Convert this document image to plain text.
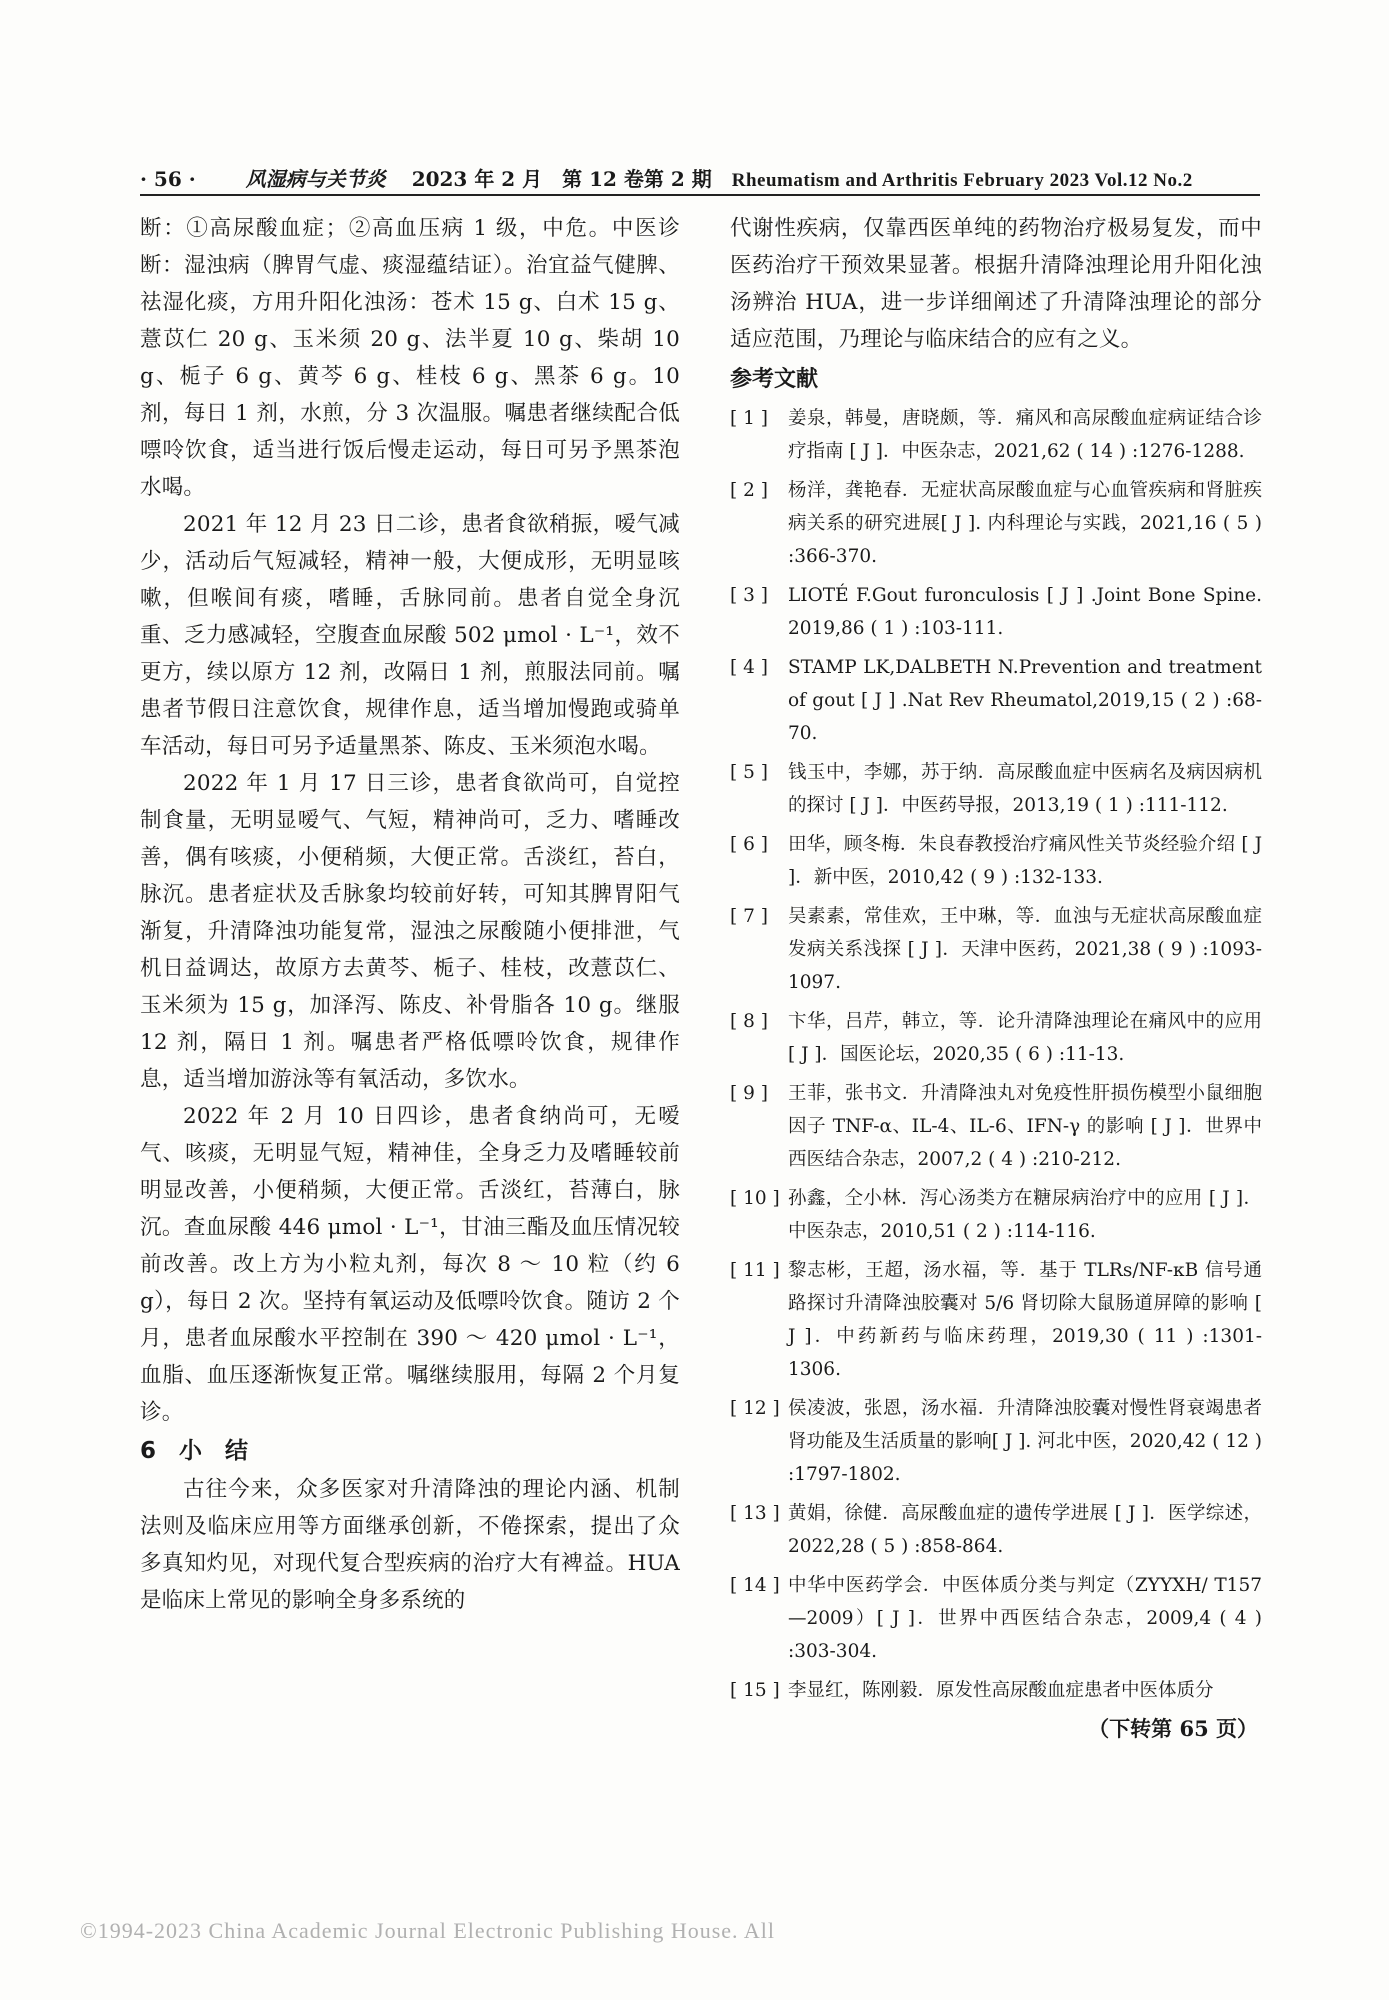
· 56 ·	风湿病与关节炎 2023 年 2 月 第 12 卷第 2 期 Rheumatism and Arthritis February 2023 Vol.12 No.2

断：①高尿酸血症；②高血压病 1 级，中危。中医诊断：湿浊病（脾胃气虚、痰湿蕴结证）。治宜益气健脾、祛湿化痰，方用升阳化浊汤：苍术 15 g、白术 15 g、薏苡仁 20 g、玉米须 20 g、法半夏 10 g、柴胡 10 g、栀子 6 g、黄芩 6 g、桂枝 6 g、黑茶 6 g。10 剂，每日 1 剂，水煎，分 3 次温服。嘱患者继续配合低嘌呤饮食，适当进行饭后慢走运动，每日可另予黑茶泡水喝。

2021 年 12 月 23 日二诊，患者食欲稍振，嗳气减少，活动后气短减轻，精神一般，大便成形，无明显咳嗽，但喉间有痰，嗜睡，舌脉同前。患者自觉全身沉重、乏力感减轻，空腹查血尿酸 502 μmol · L⁻¹，效不更方，续以原方 12 剂，改隔日 1 剂，煎服法同前。嘱患者节假日注意饮食，规律作息，适当增加慢跑或骑单车活动，每日可另予适量黑茶、陈皮、玉米须泡水喝。

2022 年 1 月 17 日三诊，患者食欲尚可，自觉控制食量，无明显嗳气、气短，精神尚可，乏力、嗜睡改善，偶有咳痰，小便稍频，大便正常。舌淡红，苔白，脉沉。患者症状及舌脉象均较前好转，可知其脾胃阳气渐复，升清降浊功能复常，湿浊之尿酸随小便排泄，气机日益调达，故原方去黄芩、栀子、桂枝，改薏苡仁、玉米须为 15 g，加泽泻、陈皮、补骨脂各 10 g。继服 12 剂，隔日 1 剂。嘱患者严格低嘌呤饮食，规律作息，适当增加游泳等有氧活动，多饮水。

2022 年 2 月 10 日四诊，患者食纳尚可，无嗳气、咳痰，无明显气短，精神佳，全身乏力及嗜睡较前明显改善，小便稍频，大便正常。舌淡红，苔薄白，脉沉。查血尿酸 446 μmol · L⁻¹，甘油三酯及血压情况较前改善。改上方为小粒丸剂，每次 8 ～ 10 粒（约 6 g），每日 2 次。坚持有氧运动及低嘌呤饮食。随访 2 个月，患者血尿酸水平控制在 390 ～ 420 μmol · L⁻¹，血脂、血压逐渐恢复正常。嘱继续服用，每隔 2 个月复诊。

6　小　结

古往今来，众多医家对升清降浊的理论内涵、机制法则及临床应用等方面继承创新，不倦探索，提出了众多真知灼见，对现代复合型疾病的治疗大有裨益。HUA 是临床上常见的影响全身多系统的

代谢性疾病，仅靠西医单纯的药物治疗极易复发，而中医药治疗干预效果显著。根据升清降浊理论用升阳化浊汤辨治 HUA，进一步详细阐述了升清降浊理论的部分适应范围，乃理论与临床结合的应有之义。

参考文献

[ 1 ]	姜泉，韩曼，唐晓颇，等．痛风和高尿酸血症病证结合诊疗指南 [ J ]．中医杂志，2021,62 ( 14 ) :1276-1288.
[ 2 ]	杨洋，龚艳春．无症状高尿酸血症与心血管疾病和肾脏疾病关系的研究进展[ J ]. 内科理论与实践，2021,16 ( 5 ) :366-370.
[ 3 ]	LIOTÉ F.Gout furonculosis [ J ] .Joint Bone Spine. 2019,86 ( 1 ) :103-111.
[ 4 ]	STAMP LK,DALBETH N.Prevention and treatment of gout [ J ] .Nat Rev Rheumatol,2019,15 ( 2 ) :68-70.
[ 5 ]	钱玉中，李娜，苏于纳．高尿酸血症中医病名及病因病机的探讨 [ J ]．中医药导报，2013,19 ( 1 ) :111-112.
[ 6 ]	田华，顾冬梅．朱良春教授治疗痛风性关节炎经验介绍 [ J ]．新中医，2010,42 ( 9 ) :132-133.
[ 7 ]	吴素素，常佳欢，王中琳，等．血浊与无症状高尿酸血症发病关系浅探 [ J ]．天津中医药，2021,38 ( 9 ) :1093-1097.
[ 8 ]	卞华，吕芹，韩立，等．论升清降浊理论在痛风中的应用 [ J ]．国医论坛，2020,35 ( 6 ) :11-13.
[ 9 ]	王菲，张书文．升清降浊丸对免疫性肝损伤模型小鼠细胞因子 TNF-α、IL-4、IL-6、IFN-γ 的影响 [ J ]．世界中西医结合杂志，2007,2 ( 4 ) :210-212.
[ 10 ] 孙鑫，仝小林．泻心汤类方在糖尿病治疗中的应用 [ J ]．中医杂志，2010,51 ( 2 ) :114-116.
[ 11 ] 黎志彬，王超，汤水福，等．基于 TLRs/NF-κB 信号通路探讨升清降浊胶囊对 5/6 肾切除大鼠肠道屏障的影响 [ J ]．中药新药与临床药理，2019,30 ( 11 ) :1301-1306.
[ 12 ] 侯凌波，张恩，汤水福．升清降浊胶囊对慢性肾衰竭患者肾功能及生活质量的影响[ J ]. 河北中医，2020,42 ( 12 ) :1797-1802.
[ 13 ] 黄娟，徐健．高尿酸血症的遗传学进展 [ J ]．医学综述，2022,28 ( 5 ) :858-864.
[ 14 ] 中华中医药学会．中医体质分类与判定（ZYYXH/ T157—2009）[ J ]．世界中西医结合杂志，2009,4 ( 4 ) :303-304.
[ 15 ] 李显红，陈刚毅．原发性高尿酸血症患者中医体质分
（下转第 65 页）
©1994-2023 China Academic Journal Electronic Publishing House. All
